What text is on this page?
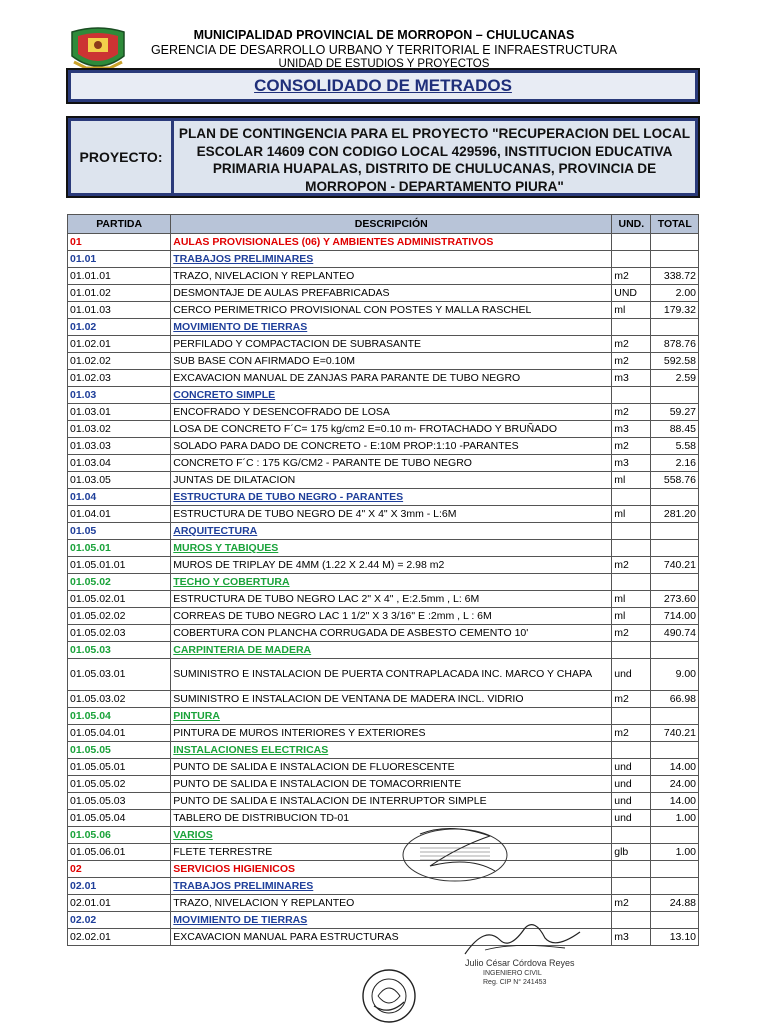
MUNICIPALIDAD PROVINCIAL DE MORROPON – CHULUCANAS
GERENCIA DE DESARROLLO URBANO Y TERRITORIAL E INFRAESTRUCTURA
UNIDAD DE ESTUDIOS Y PROYECTOS
CONSOLIDADO DE METRADOS
PROYECTO:
PLAN DE CONTINGENCIA PARA EL PROYECTO "RECUPERACION DEL LOCAL ESCOLAR 14609 CON CODIGO LOCAL 429596, INSTITUCION EDUCATIVA PRIMARIA HUAPALAS, DISTRITO DE CHULUCANAS, PROVINCIA DE MORROPON - DEPARTAMENTO PIURA"
PARTIDA	DESCRIPCIÓN	UND.	TOTAL
01	AULAS PROVISIONALES (06) Y AMBIENTES ADMINISTRATIVOS		
01.01	TRABAJOS PRELIMINARES		
01.01.01	TRAZO, NIVELACION Y REPLANTEO	m2	338.72
01.01.02	DESMONTAJE DE AULAS PREFABRICADAS	UND	2.00
01.01.03	CERCO PERIMETRICO PROVISIONAL CON POSTES Y MALLA RASCHEL	ml	179.32
01.02	MOVIMIENTO DE TIERRAS		
01.02.01	PERFILADO Y COMPACTACION DE SUBRASANTE	m2	878.76
01.02.02	SUB BASE CON AFIRMADO E=0.10M	m2	592.58
01.02.03	EXCAVACION MANUAL DE ZANJAS PARA PARANTE DE TUBO NEGRO	m3	2.59
01.03	CONCRETO SIMPLE		
01.03.01	ENCOFRADO Y DESENCOFRADO DE LOSA	m2	59.27
01.03.02	LOSA DE CONCRETO F´C= 175 kg/cm2 E=0.10 m- FROTACHADO Y BRUÑADO	m3	88.45
01.03.03	SOLADO PARA DADO DE CONCRETO - E:10M PROP:1:10 -PARANTES	m2	5.58
01.03.04	CONCRETO F´C : 175 KG/CM2 - PARANTE DE TUBO NEGRO	m3	2.16
01.03.05	JUNTAS DE DILATACION	ml	558.76
01.04	ESTRUCTURA DE TUBO NEGRO - PARANTES		
01.04.01	ESTRUCTURA DE TUBO NEGRO DE 4" X 4" X 3mm - L:6M	ml	281.20
01.05	ARQUITECTURA		
01.05.01	MUROS Y TABIQUES		
01.05.01.01	MUROS DE TRIPLAY DE 4MM (1.22 X 2.44 M) = 2.98 m2	m2	740.21
01.05.02	TECHO Y COBERTURA		
01.05.02.01	ESTRUCTURA DE TUBO NEGRO LAC 2" X 4" , E:2.5mm , L: 6M	ml	273.60
01.05.02.02	CORREAS DE TUBO NEGRO LAC 1 1/2" X 3 3/16" E :2mm , L : 6M	ml	714.00
01.05.02.03	COBERTURA CON PLANCHA CORRUGADA DE ASBESTO CEMENTO 10'	m2	490.74
01.05.03	CARPINTERIA DE MADERA		
01.05.03.01	SUMINISTRO E INSTALACION DE PUERTA CONTRAPLACADA INC. MARCO Y CHAPA	und	9.00
01.05.03.02	SUMINISTRO E INSTALACION DE VENTANA DE MADERA INCL. VIDRIO	m2	66.98
01.05.04	PINTURA		
01.05.04.01	PINTURA DE MUROS INTERIORES Y EXTERIORES	m2	740.21
01.05.05	INSTALACIONES ELECTRICAS		
01.05.05.01	PUNTO DE SALIDA E INSTALACION DE FLUORESCENTE	und	14.00
01.05.05.02	PUNTO DE SALIDA E INSTALACION DE TOMACORRIENTE	und	24.00
01.05.05.03	PUNTO DE SALIDA E INSTALACION DE INTERRUPTOR SIMPLE	und	14.00
01.05.05.04	TABLERO DE DISTRIBUCION TD-01	und	1.00
01.05.06	VARIOS		
01.05.06.01	FLETE TERRESTRE	glb	1.00
02	SERVICIOS HIGIENICOS		
02.01	TRABAJOS PRELIMINARES		
02.01.01	TRAZO, NIVELACION Y REPLANTEO	m2	24.88
02.02	MOVIMIENTO DE TIERRAS		
02.02.01	EXCAVACION MANUAL PARA ESTRUCTURAS	m3	13.10
Julio César Córdova Reyes
INGENIERO CIVIL
Reg. CIP N° 241453
